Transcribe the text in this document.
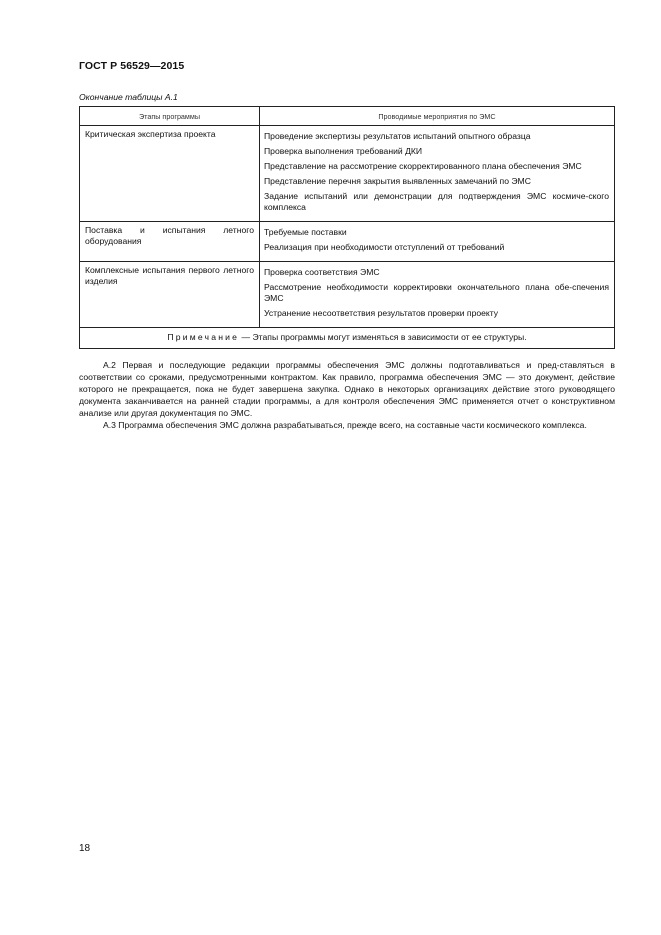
ГОСТ Р 56529—2015
Окончание таблицы А.1
Этапы программы	Проводимые мероприятия по ЭМС
Критическая экспертиза проекта	Проведение экспертизы результатов испытаний опытного образца
Проверка выполнения требований ДКИ
Представление на рассмотрение скорректированного плана обеспечения ЭМС
Представление перечня закрытия выявленных замечаний по ЭМС
Задание испытаний или демонстрации для подтверждения ЭМС космиче-ского комплекса

Поставка и испытания летного оборудования	Требуемые поставки
Реализация при необходимости отступлений от требований

Комплексные испытания первого летного изделия	Проверка соответствия ЭМС
Рассмотрение необходимости корректировки окончательного плана обе-спечения ЭМС
Устранение несоответствия результатов проверки проекту

Примечание — Этапы программы могут изменяться в зависимости от ее структуры.	

А.2 Первая и последующие редакции программы обеспечения ЭМС должны подготавливаться и пред-ставляться в соответствии со сроками, предусмотренными контрактом. Как правило, программа обеспечения ЭМС — это документ, действие которого не прекращается, пока не будет завершена закупка. Однако в некоторых организациях действие этого руководящего документа заканчивается на ранней стадии программы, а для контроля обеспечения ЭМС применяется отчет о конструктивном анализе или другая документация по ЭМС.

А.3 Программа обеспечения ЭМС должна разрабатываться, прежде всего, на составные части космического комплекса.

18
